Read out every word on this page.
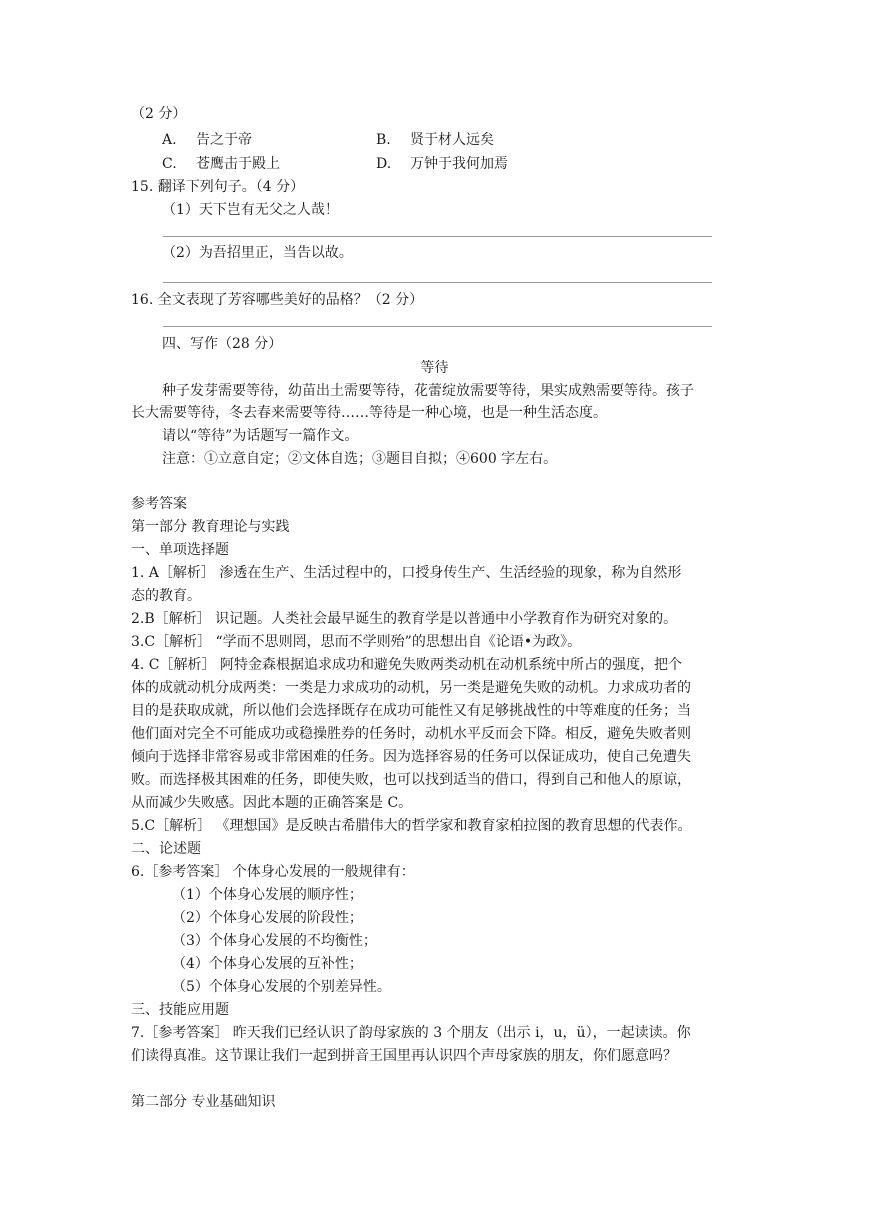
（2 分）
A. 告之于帝	B. 贤于材人远矣
C. 苍鹰击于殿上	D. 万钟于我何加焉
15. 翻译下列句子。（4 分）
（1）天下岂有无父之人哉！
（2）为吾招里正，当告以故。
16. 全文表现了芳容哪些美好的品格？（2 分）
四、写作（28 分）
等待
种子发芽需要等待，幼苗出土需要等待，花蕾绽放需要等待，果实成熟需要等待。孩子
长大需要等待，冬去春来需要等待……等待是一种心境，也是一种生活态度。
请以“等待”为话题写一篇作文。
注意：①立意自定；②文体自选；③题目自拟；④600 字左右。
参考答案
第一部分 教育理论与实践
一、单项选择题
1. A［解析］ 渗透在生产、生活过程中的，口授身传生产、生活经验的现象，称为自然形
态的教育。
2.B［解析］ 识记题。人类社会最早诞生的教育学是以普通中小学教育作为研究对象的。
3.C［解析］ “学而不思则罔，思而不学则殆”的思想出自《论语•为政》。
4. C［解析］ 阿特金森根据追求成功和避免失败两类动机在动机系统中所占的强度，把个
体的成就动机分成两类：一类是力求成功的动机，另一类是避免失败的动机。力求成功者的
目的是获取成就，所以他们会选择既存在成功可能性又有足够挑战性的中等难度的任务；当
他们面对完全不可能成功或稳操胜券的任务时，动机水平反而会下降。相反，避免失败者则
倾向于选择非常容易或非常困难的任务。因为选择容易的任务可以保证成功，使自己免遭失
败。而选择极其困难的任务，即使失败，也可以找到适当的借口，得到自己和他人的原谅，
从而减少失败感。因此本题的正确答案是 C。
5.C［解析］ 《理想国》是反映古希腊伟大的哲学家和教育家柏拉图的教育思想的代表作。
二、论述题
6.［参考答案］ 个体身心发展的一般规律有：
（1）个体身心发展的顺序性；
（2）个体身心发展的阶段性；
（3）个体身心发展的不均衡性；
（4）个体身心发展的互补性；
（5）个体身心发展的个别差异性。
三、技能应用题
7.［参考答案］ 昨天我们已经认识了韵母家族的 3 个朋友（出示 i，u，ü），一起读读。你
们读得真准。这节课让我们一起到拼音王国里再认识四个声母家族的朋友，你们愿意吗？
第二部分 专业基础知识
